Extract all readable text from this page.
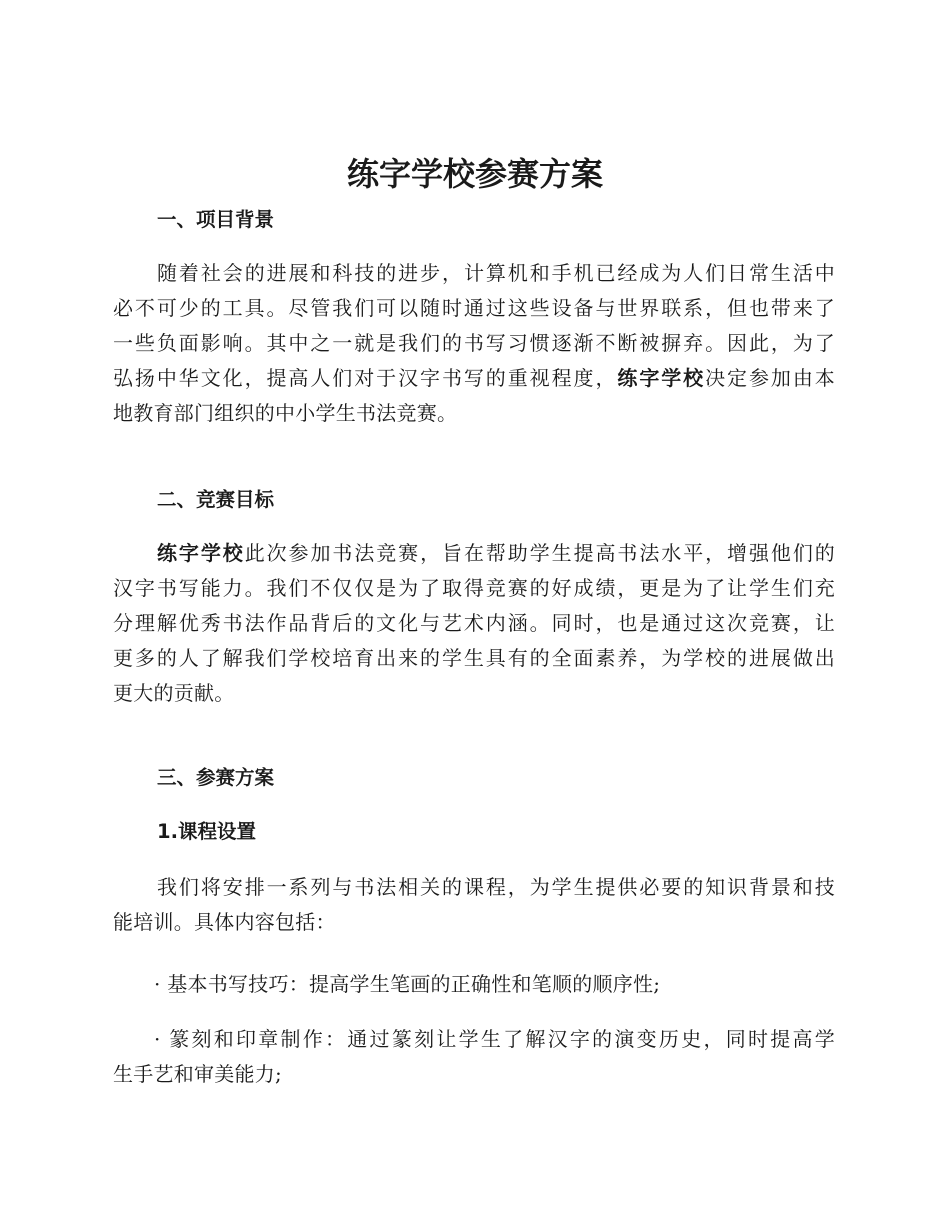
练字学校参赛方案
一、项目背景
随着社会的进展和科技的进步，计算机和手机已经成为人们日常生活中
必不可少的工具。尽管我们可以随时通过这些设备与世界联系，但也带来了
一些负面影响。其中之一就是我们的书写习惯逐渐不断被摒弃。因此，为了
弘扬中华文化，提高人们对于汉字书写的重视程度，练字学校决定参加由本
地教育部门组织的中小学生书法竞赛。
二、竞赛目标
练字学校此次参加书法竞赛，旨在帮助学生提高书法水平，增强他们的
汉字书写能力。我们不仅仅是为了取得竞赛的好成绩，更是为了让学生们充
分理解优秀书法作品背后的文化与艺术内涵。同时，也是通过这次竞赛，让
更多的人了解我们学校培育出来的学生具有的全面素养，为学校的进展做出
更大的贡献。
三、参赛方案
1.课程设置
我们将安排一系列与书法相关的课程，为学生提供必要的知识背景和技
能培训。具体内容包括：
· 基本书写技巧：提高学生笔画的正确性和笔顺的顺序性;
· 篆刻和印章制作：通过篆刻让学生了解汉字的演变历史，同时提高学
生手艺和审美能力;
